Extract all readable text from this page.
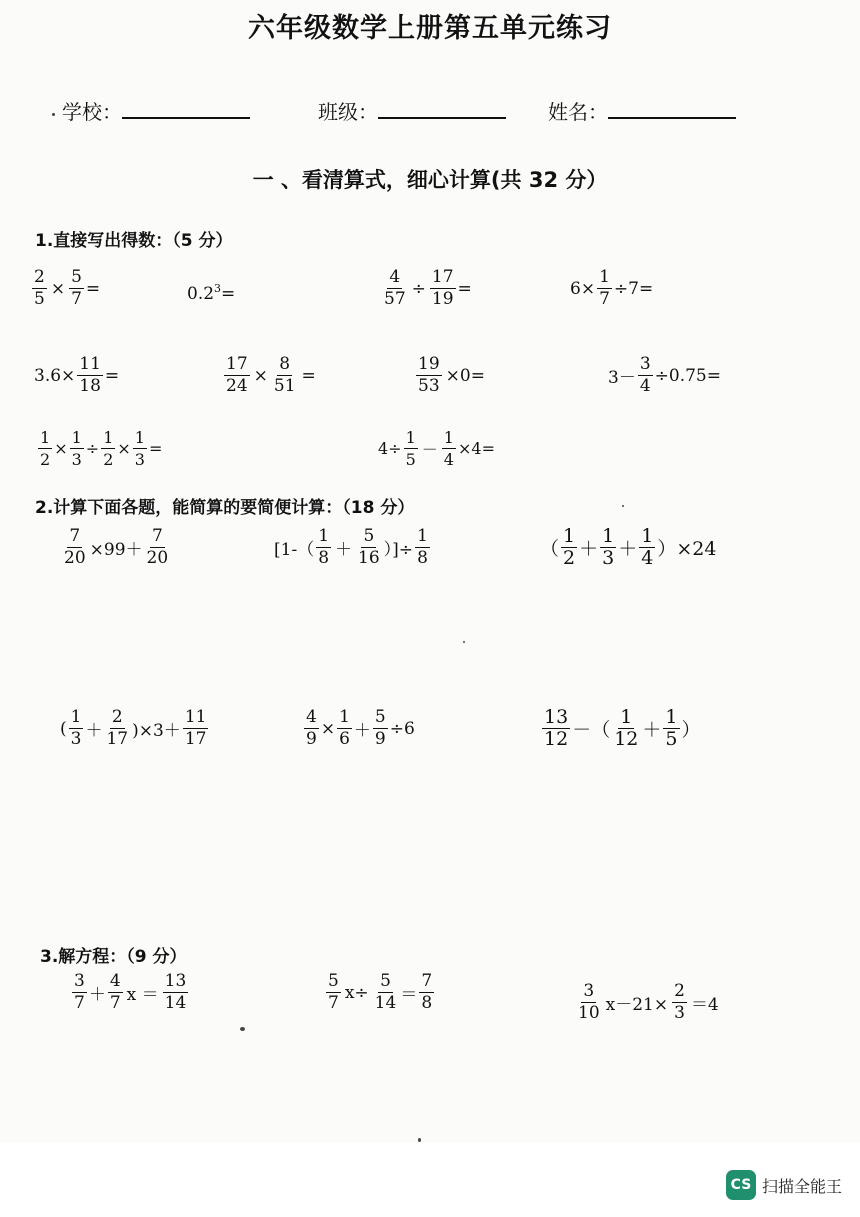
六年级数学上册第五单元练习
学校：	班级：	姓名：
一 、看清算式，细心计算(共 32 分）
1.直接写出得数：（5 分）
$\frac{2}{5} \times \frac{5}{7}$ =	$0.2^3$ =	$\frac{4}{57} \div \frac{17}{19}$ =	$6\times \frac{1}{7} \div 7=$
$3.6\times \frac{11}{18}$ =	$\frac{17}{24} \times \frac{8}{51}$ =	$\frac{19}{53} \times 0=$	$3- \frac{3}{4} \div 0.75=$
$\frac{1}{2} \times \frac{1}{3} \div \frac{1}{2} \times \frac{1}{3}$ =	$4\div \frac{1}{5} - \frac{1}{4} \times 4=$
2.计算下面各题，能简算的要简便计算：（18 分）
$\frac{7}{20} \times 99+ \frac{7}{20}$	[$1-( \frac{1}{8} + \frac{5}{16}$ ）]÷ $\frac{1}{8}$	（ $\frac{1}{2} + \frac{1}{3} + \frac{1}{4} )\times 24$
( $\frac{1}{3} + \frac{2}{17} )\times 3+ \frac{11}{17}$	$\frac{4}{9} \times \frac{1}{6} + \frac{5}{9} \div 6$	$\frac{13}{12}$ －（ $\frac{1}{12} + \frac{1}{5}$ ）
3.解方程：（9 分）
$\frac{3}{7} + \frac{4}{7}$ $x = \frac{13}{14}$	$\frac{5}{7} x\div \frac{5}{14} = \frac{7}{8}$	$\frac{3}{10} x-21\times \frac{2}{3} =4$
CS 扫描全能王
